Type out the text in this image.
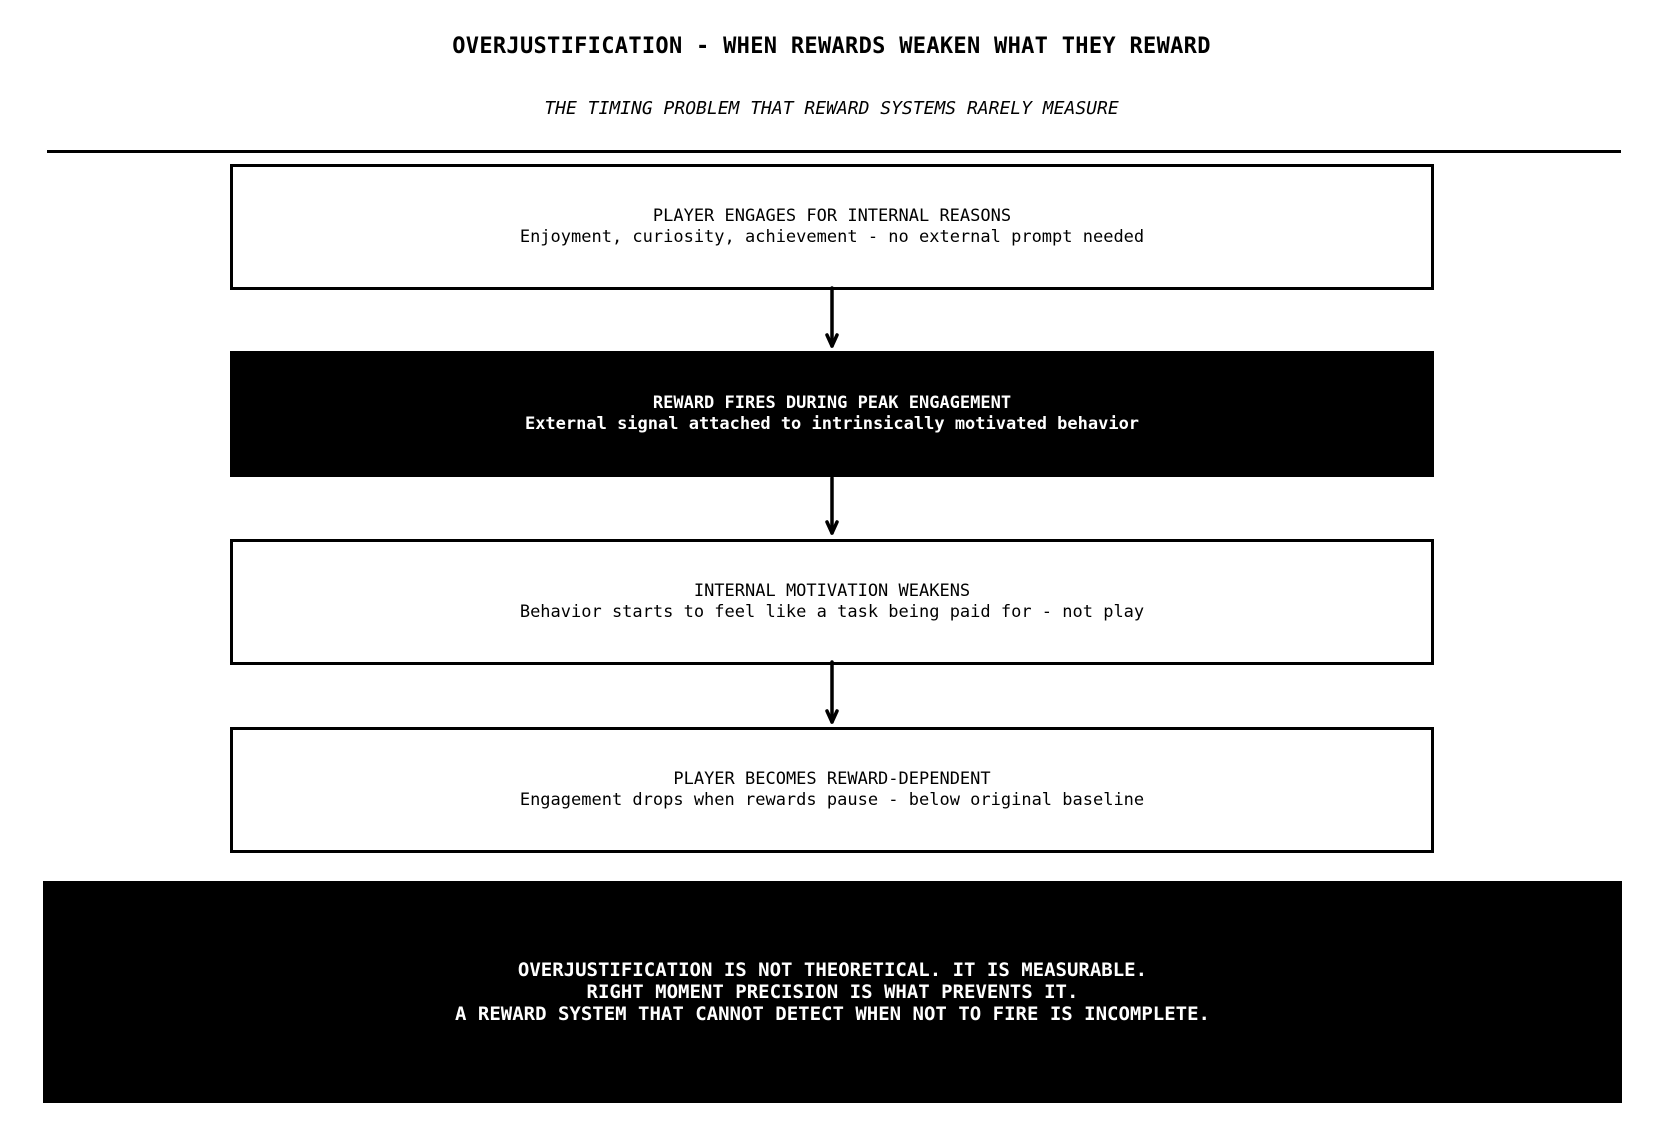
OVERJUSTIFICATION - WHEN REWARDS WEAKEN WHAT THEY REWARD
THE TIMING PROBLEM THAT REWARD SYSTEMS RARELY MEASURE
PLAYER ENGAGES FOR INTERNAL REASONS
Enjoyment, curiosity, achievement - no external prompt needed
REWARD FIRES DURING PEAK ENGAGEMENT
External signal attached to intrinsically motivated behavior
INTERNAL MOTIVATION WEAKENS
Behavior starts to feel like a task being paid for - not play
PLAYER BECOMES REWARD-DEPENDENT
Engagement drops when rewards pause - below original baseline
OVERJUSTIFICATION IS NOT THEORETICAL. IT IS MEASURABLE.
RIGHT MOMENT PRECISION IS WHAT PREVENTS IT.
A REWARD SYSTEM THAT CANNOT DETECT WHEN NOT TO FIRE IS INCOMPLETE.
